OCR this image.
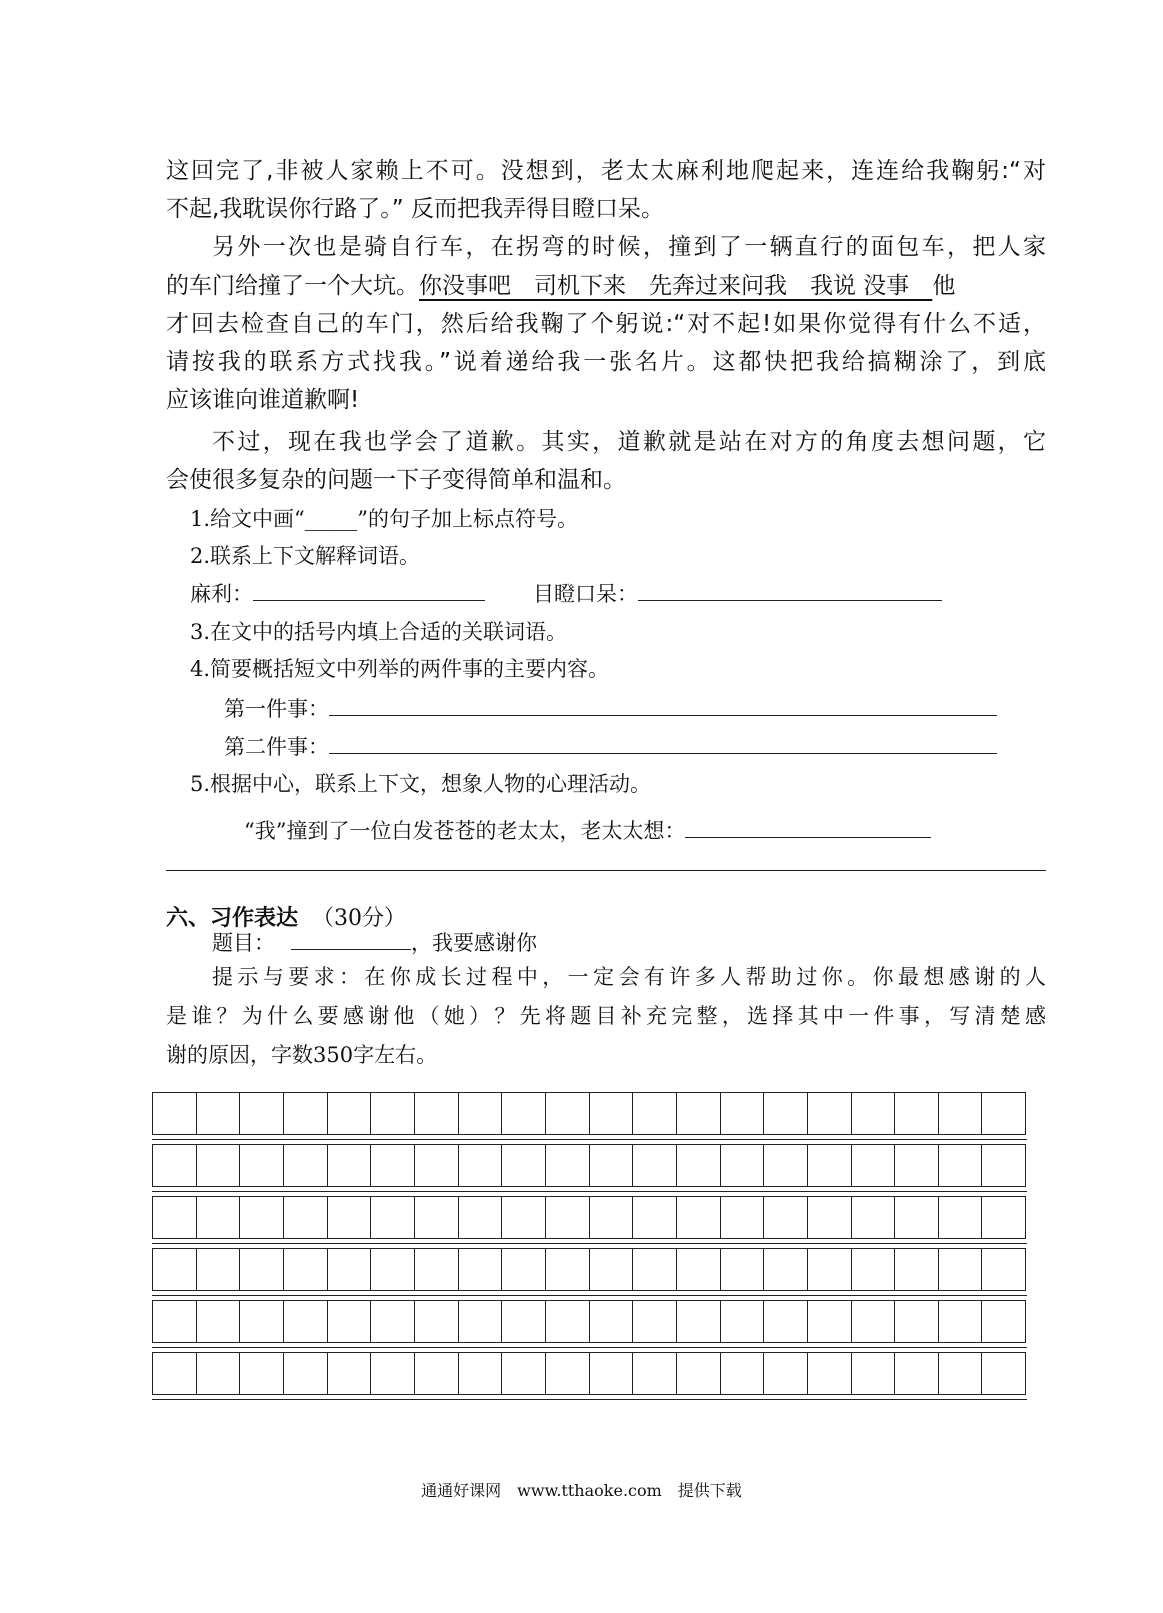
这回完了,非被人家赖上不可。没想到，老太太麻利地爬起来，连连给我鞠躬:“对
不起,我耽误你行路了。” 反而把我弄得目瞪口呆。
另外一次也是骑自行车，在拐弯的时候，撞到了一辆直行的面包车，把人家
的车门给撞了一个大坑。你没事吧　司机下来　先奔过来问我　我说 没事　他
才回去检查自己的车门，然后给我鞠了个躬说:“对不起!如果你觉得有什么不适，
请按我的联系方式找我。”说着递给我一张名片。这都快把我给搞糊涂了，到底
应该谁向谁道歉啊!
不过，现在我也学会了道歉。其实，道歉就是站在对方的角度去想问题，它
会使很多复杂的问题一下子变得简单和温和。
1.给文中画“_____”的句子加上标点符号。
2.联系上下文解释词语。
麻利：	目瞪口呆：
3.在文中的括号内填上合适的关联词语。
4.简要概括短文中列举的两件事的主要内容。
第一件事：
第二件事：
5.根据中心，联系上下文，想象人物的心理活动。
“我”撞到了一位白发苍苍的老太太，老太太想：
六、习作表达 （30分）
题目：	，我要感谢你
提示与要求：在你成长过程中，一定会有许多人帮助过你。你最想感谢的人
是谁？为什么要感谢他（她）？先将题目补充完整，选择其中一件事，写清楚感
谢的原因，字数350字左右。
通通好课网　www.tthaoke.com　提供下载
